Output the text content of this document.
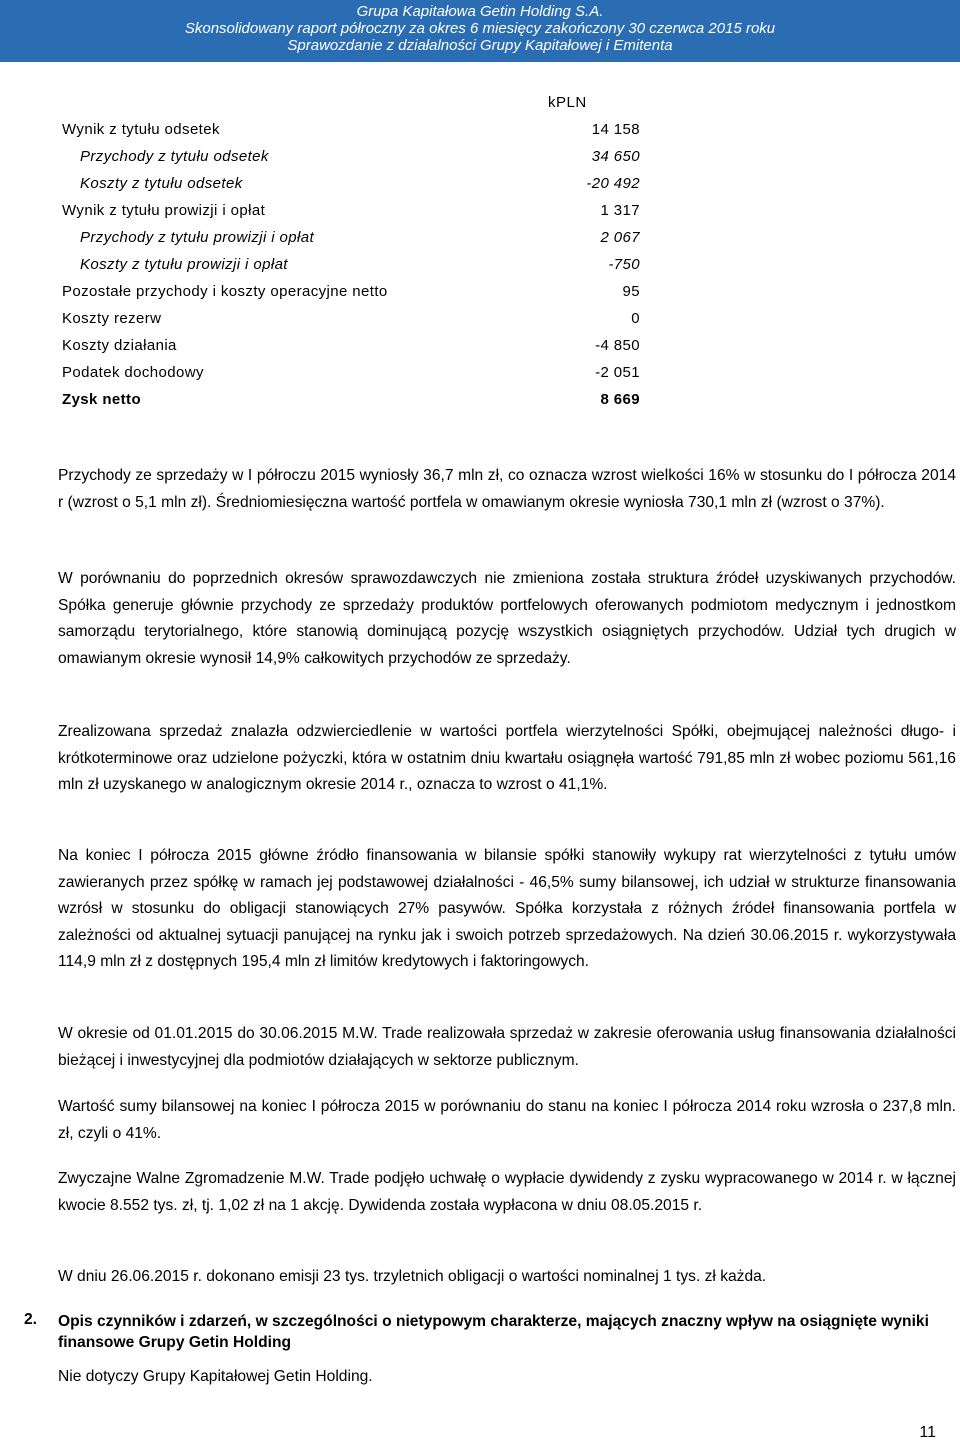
Grupa Kapitałowa Getin Holding S.A.
Skonsolidowany raport półroczny za okres 6 miesięcy zakończony 30 czerwca 2015 roku
Sprawozdanie z działalności Grupy Kapitałowej i Emitenta
kPLN
Wynik z tytułu odsetek	14 158
Przychody z tytułu odsetek	34 650
Koszty z tytułu odsetek	-20 492
Wynik z tytułu prowizji i opłat	1 317
Przychody z tytułu prowizji i opłat	2 067
Koszty z tytułu prowizji i opłat	-750
Pozostałe przychody i koszty operacyjne netto	95
Koszty rezerw	0
Koszty działania	-4 850
Podatek dochodowy	-2 051
Zysk netto	8 669

Przychody ze sprzedaży w I półroczu 2015 wyniosły 36,7 mln zł, co oznacza wzrost wielkości 16% w stosunku do I półrocza 2014 r (wzrost o 5,1 mln zł). Średniomiesięczna wartość portfela w omawianym okresie wyniosła 730,1 mln zł (wzrost o 37%).

W porównaniu do poprzednich okresów sprawozdawczych nie zmieniona została struktura źródeł uzyskiwanych przychodów. Spółka generuje głównie przychody ze sprzedaży produktów portfelowych oferowanych podmiotom medycznym i jednostkom samorządu terytorialnego, które stanowią dominującą pozycję wszystkich osiągniętych przychodów. Udział tych drugich w omawianym okresie wynosił 14,9% całkowitych przychodów ze sprzedaży.

Zrealizowana sprzedaż znalazła odzwierciedlenie w wartości portfela wierzytelności Spółki, obejmującej należności długo- i krótkoterminowe oraz udzielone pożyczki, która w ostatnim dniu kwartału osiągnęła wartość 791,85 mln zł wobec poziomu 561,16 mln zł uzyskanego w analogicznym okresie 2014 r., oznacza to wzrost o 41,1%.

Na koniec I półrocza 2015 główne źródło finansowania w bilansie spółki stanowiły wykupy rat wierzytelności z tytułu umów zawieranych przez spółkę w ramach jej podstawowej działalności - 46,5% sumy bilansowej, ich udział w strukturze finansowania wzrósł w stosunku do obligacji stanowiących 27% pasywów. Spółka korzystała z różnych źródeł finansowania portfela w zależności od aktualnej sytuacji panującej na rynku jak i swoich potrzeb sprzedażowych. Na dzień 30.06.2015 r. wykorzystywała 114,9 mln zł z dostępnych 195,4 mln zł limitów kredytowych i faktoringowych.

W okresie od 01.01.2015 do 30.06.2015 M.W. Trade realizowała sprzedaż w zakresie oferowania usług finansowania działalności bieżącej i inwestycyjnej dla podmiotów działających w sektorze publicznym.

Wartość sumy bilansowej na koniec I półrocza 2015 w porównaniu do stanu na koniec I półrocza 2014 roku wzrosła o 237,8 mln. zł, czyli o 41%.

Zwyczajne Walne Zgromadzenie M.W. Trade podjęło uchwałę o wypłacie dywidendy z zysku wypracowanego w 2014 r. w łącznej kwocie 8.552 tys. zł, tj. 1,02 zł na 1 akcję. Dywidenda została wypłacona w dniu 08.05.2015 r.

W dniu 26.06.2015 r. dokonano emisji 23 tys. trzyletnich obligacji o wartości nominalnej 1 tys. zł każda.

2. Opis czynników i zdarzeń, w szczególności o nietypowym charakterze, mających znaczny wpływ na osiągnięte wyniki finansowe Grupy Getin Holding

Nie dotyczy Grupy Kapitałowej Getin Holding.

11
